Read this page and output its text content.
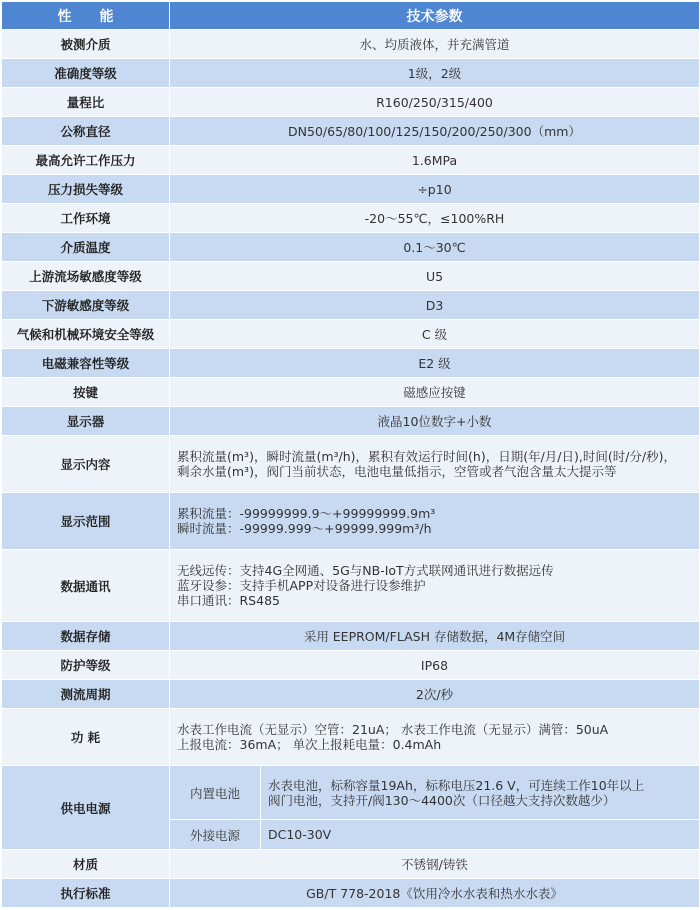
性　　能	技术参数	
被测介质	水、均质液体，并充满管道	
准确度等级	1级，2级	
量程比	R160/250/315/400	
公称直径	DN50/65/80/100/125/150/200/250/300（mm）	
最高允许工作压力	1.6MPa	
压力损失等级	÷p10	
工作环境	-20～55℃，≤100%RH	
介质温度	0.1～30℃	
上游流场敏感度等级	U5	
下游敏感度等级	D3	
气候和机械环境安全等级	C 级	
电磁兼容性等级	E2 级	
按键	磁感应按键	
显示器	液晶10位数字+小数	
显示内容	累积流量(m³)，瞬时流量(m³/h)，累积有效运行时间(h)，日期(年/月/日),时间(时/分/秒)，
剩余水量(m³)，阀门当前状态，电池电量低指示，空管或者气泡含量太大提示等	

显示范围	累积流量：-99999999.9～+99999999.9m³
瞬时流量：-99999.999～+99999.999m³/h	

数据通讯	无线远传：支持4G全网通、5G与NB-IoT方式联网通讯进行数据远传
蓝牙设参：支持手机APP对设备进行设参维护
串口通讯：RS485	

数据存储	采用 EEPROM/FLASH 存储数据，4M存储空间	
防护等级	IP68	
测流周期	2次/秒	
功 耗	水表工作电流（无显示）空管：21uA； 水表工作电流（无显示）满管：50uA
上报电流：36mA； 单次上报耗电量：0.4mAh	

供电电源	内置电池	水表电池，标称容量19Ah，标称电压21.6 V，可连续工作10年以上
阀门电池，支持开/阀130～4400次（口径越大支持次数越少）

	外接电源	DC10-30V
材质	不锈钢/铸铁	
执行标准	GB/T 778-2018《饮用冷水水表和热水水表》	
